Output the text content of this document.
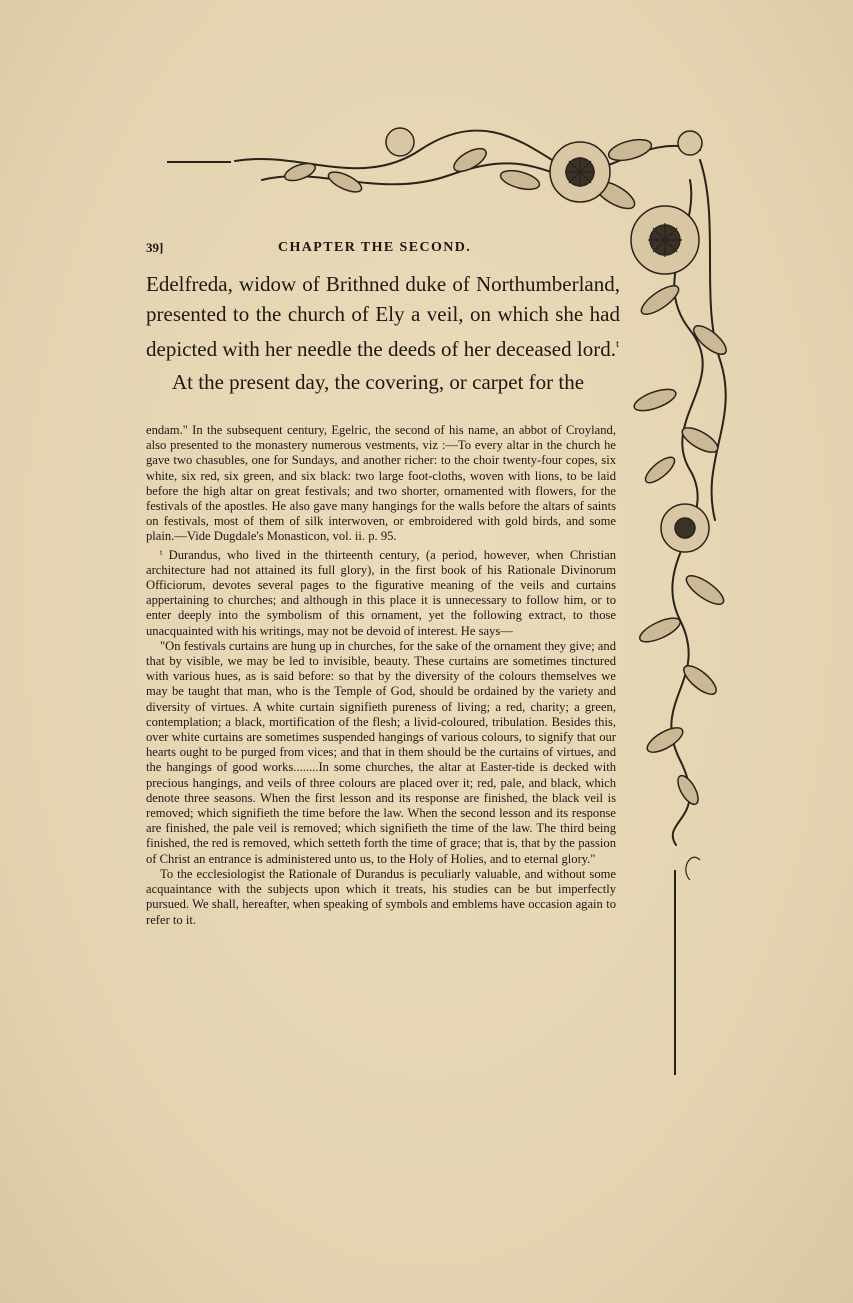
39]	CHAPTER THE SECOND.

Edelfreda, widow of Brithned duke of Northumberland, presented to the church of Ely a veil, on which she had depicted with her needle the deeds of her deceased lord.$^t$

At the present day, the covering, or carpet for the

endam." In the subsequent century, Egelric, the second of his name, an abbot of Croyland, also presented to the monastery numerous vestments, viz :—To every altar in the church he gave two chasubles, one for Sundays, and another richer: to the choir twenty-four copes, six white, six red, six green, and six black: two large foot-cloths, woven with lions, to be laid before the high altar on great festivals; and two shorter, ornamented with flowers, for the festivals of the apostles. He also gave many hangings for the walls before the altars of saints on festivals, most of them of silk interwoven, or embroidered with gold birds, and some plain.—Vide Dugdale's Monasticon, vol. ii. p. 95.

$^t$ Durandus, who lived in the thirteenth century, (a period, however, when Christian architecture had not attained its full glory), in the first book of his Rationale Divinorum Officiorum, devotes several pages to the figurative meaning of the veils and curtains appertaining to churches; and although in this place it is unnecessary to follow him, or to enter deeply into the symbolism of this ornament, yet the following extract, to those unacquainted with his writings, may not be devoid of interest. He says—

"On festivals curtains are hung up in churches, for the sake of the ornament they give; and that by visible, we may be led to invisible, beauty. These curtains are sometimes tinctured with various hues, as is said before: so that by the diversity of the colours themselves we may be taught that man, who is the Temple of God, should be ordained by the variety and diversity of virtues. A white curtain signifieth pureness of living; a red, charity; a green, contemplation; a black, mortification of the flesh; a livid-coloured, tribulation. Besides this, over white curtains are sometimes suspended hangings of various colours, to signify that our hearts ought to be purged from vices; and that in them should be the curtains of virtues, and the hangings of good works........In some churches, the altar at Easter-tide is decked with precious hangings, and veils of three colours are placed over it; red, pale, and black, which denote three seasons. When the first lesson and its response are finished, the black veil is removed; which signifieth the time before the law. When the second lesson and its response are finished, the pale veil is removed; which signifieth the time of the law. The third being finished, the red is removed, which setteth forth the time of grace; that is, that by the passion of Christ an entrance is administered unto us, to the Holy of Holies, and to eternal glory."

To the ecclesiologist the Rationale of Durandus is peculiarly valuable, and without some acquaintance with the subjects upon which it treats, his studies can be but imperfectly pursued. We shall, hereafter, when speaking of symbols and emblems have occasion again to refer to it.
